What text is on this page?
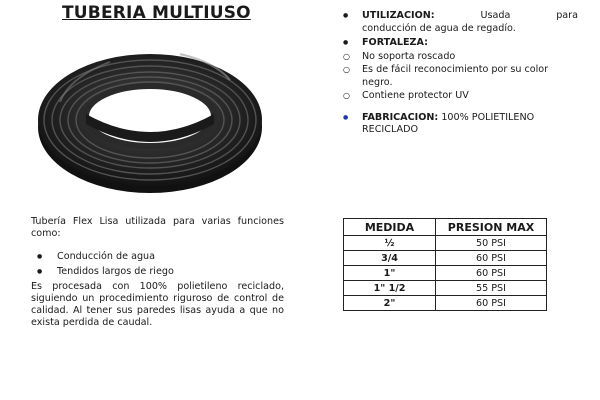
TUBERIA MULTIUSO	● UTILIZACION:	Usada	para
conducción de agua de regadío.
● FORTALEZA:
○ No soporta roscado
○ Es de fácil reconocimiento por su color negro.
○ Contiene protector UV
● FABRICACION: 100% POLIETILENO RECICLADO
MEDIDA	PRESION MAX
½	50 PSI
3/4	60 PSI
1"	60 PSI
1" 1/2	55 PSI
2"	60 PSI
Tubería Flex Lisa utilizada para varias funciones como:
● Conducción de agua
● Tendidos largos de riego
Es procesada con 100% polietileno reciclado, siguiendo un procedimiento riguroso de control de calidad. Al tener sus paredes lisas ayuda a que no exista perdida de caudal.
